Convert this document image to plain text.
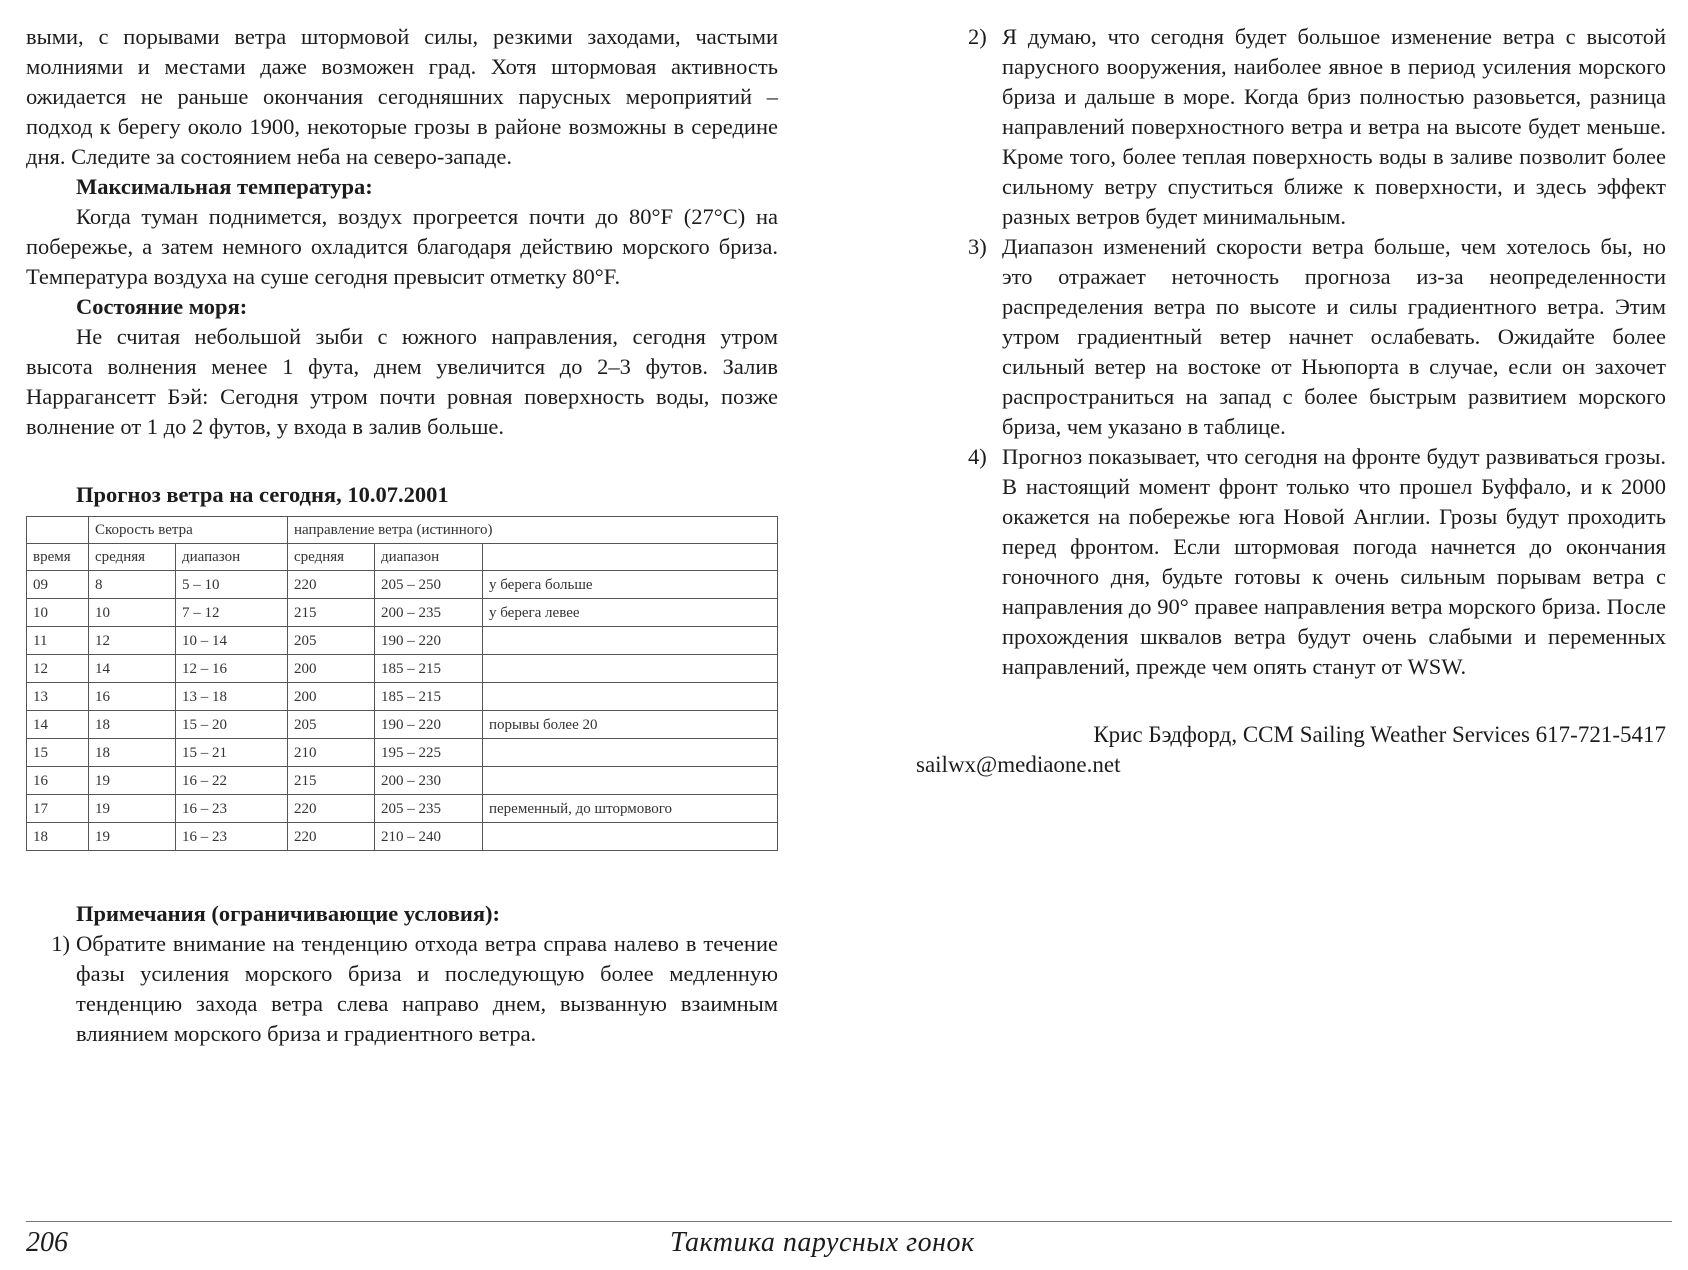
выми, с порывами ветра штормовой силы, резкими заходами, частыми молниями и местами даже возможен град. Хотя штормовая активность ожидается не раньше окончания сегодняшних парусных мероприятий – подход к берегу около 1900, некоторые грозы в районе возможны в середине дня. Следите за состоянием неба на северо-западе.

Максимальная температура:

Когда туман поднимется, воздух прогреется почти до 80°F (27°C) на побережье, а затем немного охладится благодаря действию морского бриза. Температура воздуха на суше сегодня превысит отметку 80°F.

Состояние моря:

Не считая небольшой зыби с южного направления, сегодня утром высота волнения менее 1 фута, днем увеличится до 2–3 футов. Залив Наррагансетт Бэй: Сегодня утром почти ровная поверхность воды, позже волнение от 1 до 2 футов, у входа в залив больше.

Прогноз ветра на сегодня, 10.07.2001

	Скорость ветра		направление ветра (истинного)		
время	средняя	диапазон	средняя	диапазон	
09	8	5 – 10	220	205 – 250	у берега больше
10	10	7 – 12	215	200 – 235	у берега левее
11	12	10 – 14	205	190 – 220	
12	14	12 – 16	200	185 – 215	
13	16	13 – 18	200	185 – 215	
14	18	15 – 20	205	190 – 220	порывы более 20
15	18	15 – 21	210	195 – 225	
16	19	16 – 22	215	200 – 230	
17	19	16 – 23	220	205 – 235	переменный, до штормового
18	19	16 – 23	220	210 – 240	

Примечания (ограничивающие условия):

1) Обратите внимание на тенденцию отхода ветра справа налево в течение фазы усиления морского бриза и последующую более медленную тенденцию захода ветра слева направо днем, вызванную взаимным влиянием морского бриза и градиентного ветра.
2) Я думаю, что сегодня будет большое изменение ветра с высотой парусного вооружения, наиболее явное в период усиления морского бриза и дальше в море. Когда бриз полностью разовьется, разница направлений поверхностного ветра и ветра на высоте будет меньше. Кроме того, более теплая поверхность воды в заливе позволит более сильному ветру спуститься ближе к поверхности, и здесь эффект разных ветров будет минимальным.
3) Диапазон изменений скорости ветра больше, чем хотелось бы, но это отражает неточность прогноза из-за неопределенности распределения ветра по высоте и силы градиентного ветра. Этим утром градиентный ветер начнет ослабевать. Ожидайте более сильный ветер на востоке от Ньюпорта в случае, если он захочет распространиться на запад с более быстрым развитием морского бриза, чем указано в таблице.
4) Прогноз показывает, что сегодня на фронте будут развиваться грозы. В настоящий момент фронт только что прошел Буффало, и к 2000 окажется на побережье юга Новой Англии. Грозы будут проходить перед фронтом. Если штормовая погода начнется до окончания гоночного дня, будьте готовы к очень сильным порывам ветра с направления до 90° правее направления ветра морского бриза. После прохождения шквалов ветра будут очень слабыми и переменных направлений, прежде чем опять станут от WSW.
Крис Бэдфорд, CCM Sailing Weather Services 617-721-5417
sailwx@mediaone.net
206	Тактика парусных гонок
